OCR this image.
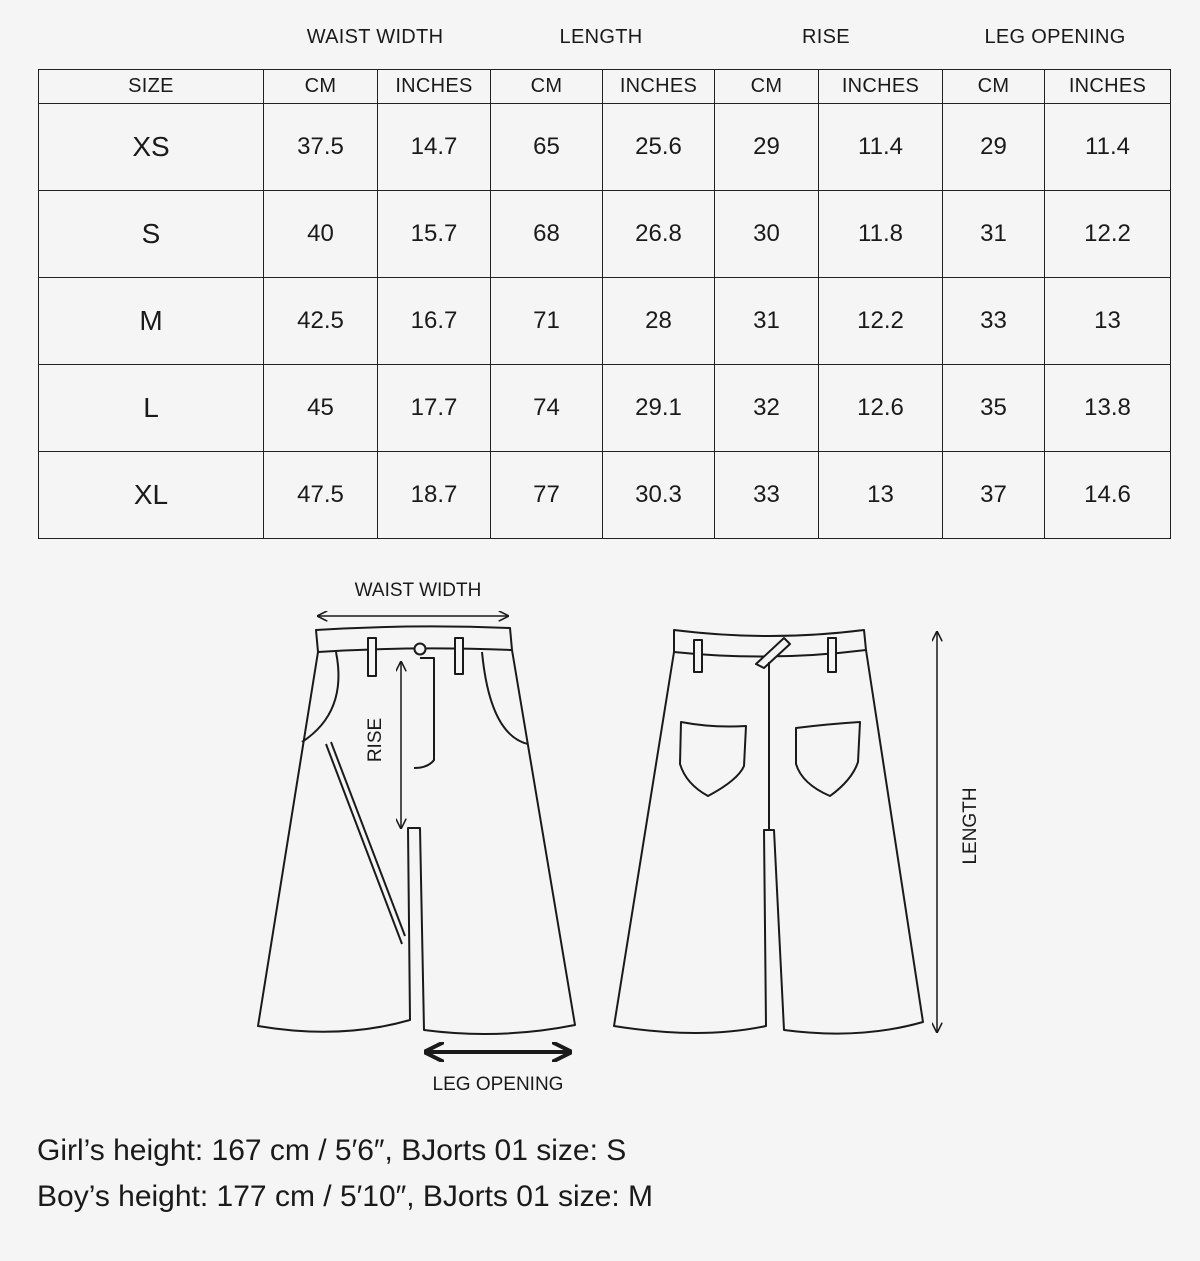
WAIST WIDTH	LENGTH	RISE	LEG OPENING
SIZE	CM	INCHES	CM	INCHES	CM	INCHES	CM	INCHES
XS	37.5	14.7	65	25.6	29	11.4	29	11.4
S	40	15.7	68	26.8	30	11.8	31	12.2
M	42.5	16.7	71	28	31	12.2	33	13
L	45	17.7	74	29.1	32	12.6	35	13.8
XL	47.5	18.7	77	30.3	33	13	37	14.6
WAIST WIDTH
RISE
LENGTH
LEG OPENING
Girl’s height: 167 cm / 5′6″, BJorts 01 size: S
Boy’s height: 177 cm / 5′10″, BJorts 01 size: M
